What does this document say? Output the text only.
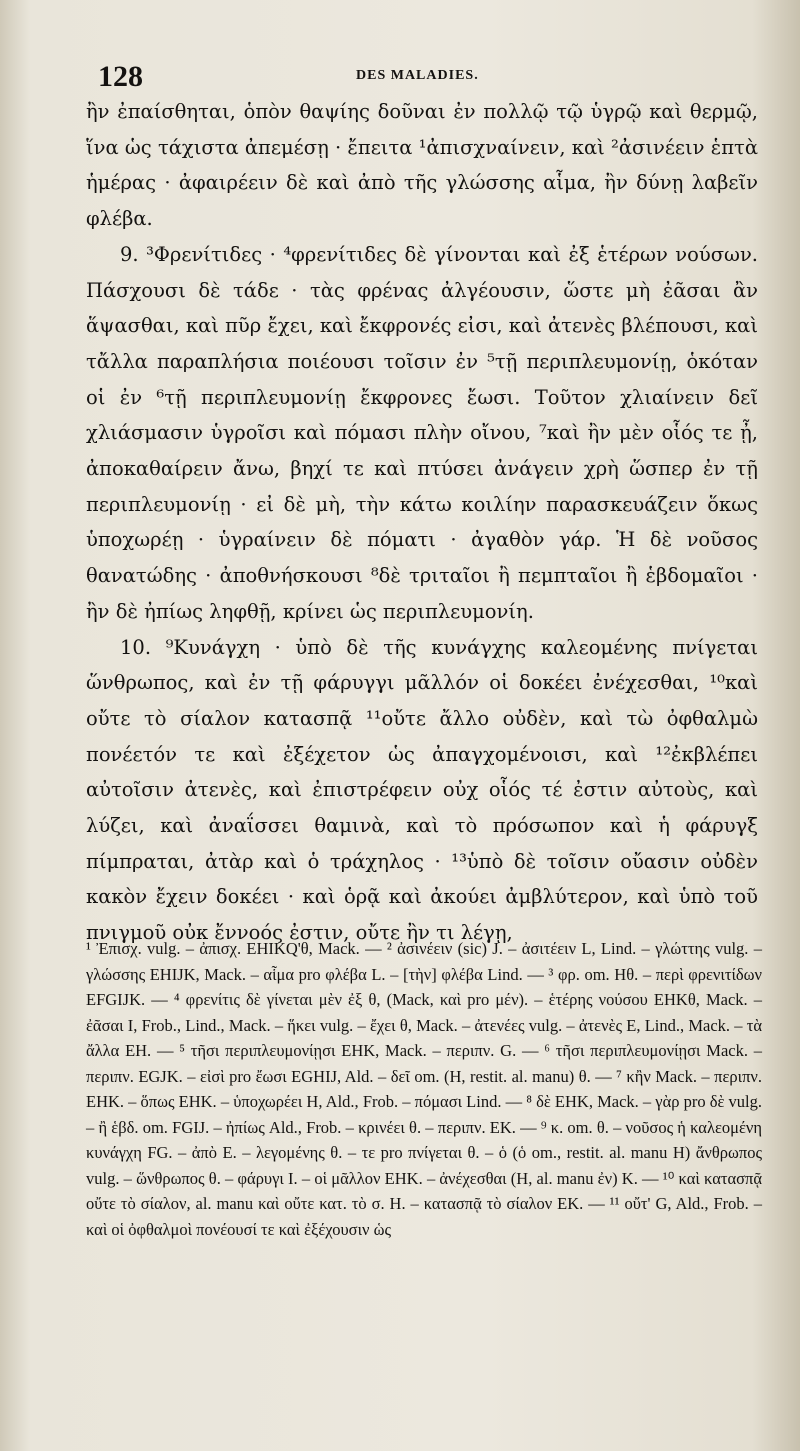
128	DES MALADIES.

ἢν ἐπαίσθηται, ὁπὸν θαψίης δοῦναι ἐν πολλῷ τῷ ὑγρῷ καὶ θερμῷ, ἵνα ὡς τάχιστα ἀπεμέσῃ · ἔπειτα ¹ἀπισχναίνειν, καὶ ²ἀσινέειν ἑπτὰ ἡμέρας · ἀφαιρέειν δὲ καὶ ἀπὸ τῆς γλώσσης αἷμα, ἢν δύνῃ λαβεῖν φλέβα.

9. ³Φρενίτιδες · ⁴φρενίτιδες δὲ γίνονται καὶ ἐξ ἑτέρων νούσων. Πάσχουσι δὲ τάδε · τὰς φρένας ἀλγέουσιν, ὥστε μὴ ἐᾶσαι ἂν ἅψασθαι, καὶ πῦρ ἔχει, καὶ ἔκφρονές εἰσι, καὶ ἀτενὲς βλέπουσι, καὶ τἄλλα παραπλήσια ποιέουσι τοῖσιν ἐν ⁵τῇ περιπλευμονίῃ, ὁκόταν οἱ ἐν ⁶τῇ περιπλευμονίῃ ἔκφρονες ἔωσι. Τοῦτον χλιαίνειν δεῖ χλιάσμασιν ὑγροῖσι καὶ πόμασι πλὴν οἴνου, ⁷καὶ ἢν μὲν οἷός τε ᾖ, ἀποκαθαίρειν ἄνω, βηχί τε καὶ πτύσει ἀνάγειν χρὴ ὥσπερ ἐν τῇ περιπλευμονίῃ · εἰ δὲ μὴ, τὴν κάτω κοιλίην παρασκευάζειν ὅκως ὑποχωρέῃ · ὑγραίνειν δὲ πόματι · ἀγαθὸν γάρ. Ἡ δὲ νοῦσος θανατώδης · ἀποθνήσκουσι ⁸δὲ τριταῖοι ἢ πεμπταῖοι ἢ ἑβδομαῖοι · ἢν δὲ ἠπίως ληφθῇ, κρίνει ὡς περιπλευμονίη.

10. ⁹Κυνάγχη · ὑπὸ δὲ τῆς κυνάγχης καλεομένης πνίγεται ὥνθρωπος, καὶ ἐν τῇ φάρυγγι μᾶλλόν οἱ δοκέει ἐνέχεσθαι, ¹⁰καὶ οὔτε τὸ σίαλον κατασπᾷ ¹¹οὔτε ἄλλο οὐδὲν, καὶ τὼ ὀφθαλμὼ πονέετόν τε καὶ ἐξέχετον ὡς ἀπαγχομένοισι, καὶ ¹²ἐκβλέπει αὐτοῖσιν ἀτενὲς, καὶ ἐπιστρέφειν οὐχ οἷός τέ ἐστιν αὐτοὺς, καὶ λύζει, καὶ ἀναΐσσει θαμινὰ, καὶ τὸ πρόσωπον καὶ ἡ φάρυγξ πίμπραται, ἀτὰρ καὶ ὁ τράχηλος · ¹³ὑπὸ δὲ τοῖσιν οὔασιν οὐδὲν κακὸν ἔχειν δοκέει · καὶ ὁρᾷ καὶ ἀκούει ἀμβλύτερον, καὶ ὑπὸ τοῦ πνιγμοῦ οὐκ ἔννοός ἐστιν, οὔτε ἢν τι λέγῃ,

¹ Ἐπισχ. vulg. – ἀπισχ. EHIKQ'θ, Mack. — ² ἀσινέειν (sic) J. – ἀσιτέειν L, Lind. – γλώττης vulg. – γλώσσης EHIJK, Mack. – αἷμα pro φλέβα L. – [τὴν] φλέβα Lind. — ³ φρ. om. Hθ. – περὶ φρενιτίδων EFGIJK. — ⁴ φρενίτις δὲ γίνεται μὲν ἐξ θ, (Mack, καὶ pro μέν). – ἑτέρης νούσου EHKθ, Mack. – ἐᾶσαι I, Frob., Lind., Mack. – ἥκει vulg. – ἔχει θ, Mack. – ἀτενέες vulg. – ἀτενὲς E, Lind., Mack. – τὰ ἄλλα EH. — ⁵ τῆσι περιπλευμονίῃσι EHK, Mack. – περιπν. G. — ⁶ τῆσι περιπλευμονίῃσι Mack. – περιπν. EGJK. – εἰσὶ pro ἔωσι EGHIJ, Ald. – δεῖ om. (H, restit. al. manu) θ. — ⁷ κἢν Mack. – περιπν. EHK. – ὅπως EHK. – ὑποχωρέει H, Ald., Frob. – πόμασι Lind. — ⁸ δὲ EHK, Mack. – γὰρ pro δὲ vulg. – ἢ ἑβδ. om. FGIJ. – ἠπίως Ald., Frob. – κρινέει θ. – περιπν. EK. — ⁹ κ. om. θ. – νοῦσος ἡ καλεομένη κυνάγχη FG. – ἀπὸ E. – λεγομένης θ. – τε pro πνίγεται θ. – ὁ (ὁ om., restit. al. manu H) ἄνθρωπος vulg. – ὥνθρωπος θ. – φάρυγι I. – οἱ μᾶλλον EHK. – ἀνέχεσθαι (H, al. manu ἐν) K. — ¹⁰ καὶ κατασπᾷ οὔτε τὸ σίαλον, al. manu καὶ οὔτε κατ. τὸ σ. H. – κατασπᾷ τὸ σίαλον EK. — ¹¹ οὔτ' G, Ald., Frob. – καὶ οἱ ὀφθαλμοὶ πονέουσί τε καὶ ἐξέχουσιν ὡς
